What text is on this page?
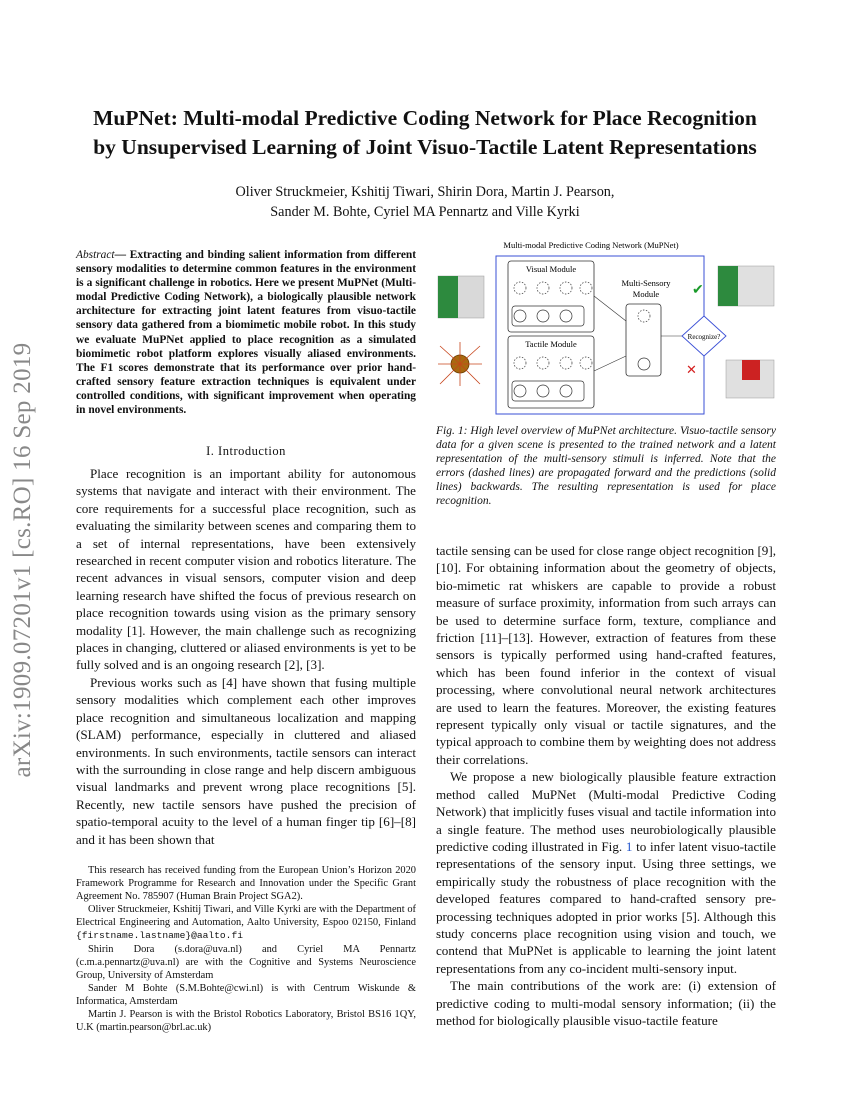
MuPNet: Multi-modal Predictive Coding Network for Place Recognition
by Unsupervised Learning of Joint Visuo-Tactile Latent Representations
Oliver Struckmeier, Kshitij Tiwari, Shirin Dora, Martin J. Pearson,
Sander M. Bohte, Cyriel MA Pennartz and Ville Kyrki
arXiv:1909.07201v1 [cs.RO] 16 Sep 2019
Abstract— Extracting and binding salient information from different sensory modalities to determine common features in the environment is a significant challenge in robotics. Here we present MuPNet (Multi-modal Predictive Coding Network), a biologically plausible network architecture for extracting joint latent features from visuo-tactile sensory data gathered from a biomimetic mobile robot. In this study we evaluate MuPNet applied to place recognition as a simulated biomimetic robot platform explores visually aliased environments. The F1 scores demonstrate that its performance over prior hand-crafted sensory feature extraction techniques is equivalent under controlled conditions, with significant improvement when operating in novel environments.
I. Introduction

Place recognition is an important ability for autonomous systems that navigate and interact with their environment. The core requirements for a successful place recognition, such as evaluating the similarity between scenes and comparing them to a set of internal representations, have been extensively researched in recent computer vision and robotics literature. The recent advances in visual sensors, computer vision and deep learning research have shifted the focus of previous research on place recognition towards using vision as the primary sensory modality [1]. However, the main challenge such as recognizing places in changing, cluttered or aliased environments is yet to be fully solved and is an ongoing research [2], [3].

Previous works such as [4] have shown that fusing multiple sensory modalities which complement each other improves place recognition and simultaneous localization and mapping (SLAM) performance, especially in cluttered and aliased environments. In such environments, tactile sensors can interact with the surrounding in close range and help discern ambiguous visual landmarks and prevent wrong place recognitions [5]. Recently, new tactile sensors have pushed the precision of spatio-temporal acuity to the level of a human finger tip [6]–[8] and it has been shown that

This research has received funding from the European Union’s Horizon 2020 Framework Programme for Research and Innovation under the Specific Grant Agreement No. 785907 (Human Brain Project SGA2).

Oliver Struckmeier, Kshitij Tiwari, and Ville Kyrki are with the Department of Electrical Engineering and Automation, Aalto University, Espoo 02150, Finland {firstname.lastname}@aalto.fi

Shirin Dora (s.dora@uva.nl) and Cyriel MA Pennartz (c.m.a.pennartz@uva.nl) are with the Cognitive and Systems Neuroscience Group, University of Amsterdam

Sander M Bohte (S.M.Bohte@cwi.nl) is with Centrum Wiskunde & Informatica, Amsterdam

Martin J. Pearson is with the Bristol Robotics Laboratory, Bristol BS16 1QY, U.K (martin.pearson@brl.ac.uk)

Multi-modal Predictive Coding Network (MuPNet)
Visual Module
Tactile Module
Multi-Sensory
Module
Recognize?
✔
✕
Fig. 1: High level overview of MuPNet architecture. Visuo-tactile sensory data for a given scene is presented to the trained network and a latent representation of the multi-sensory stimuli is inferred. Note that the errors (dashed lines) are propagated forward and the predictions (solid lines) backwards. The resulting representation is used for place recognition.

tactile sensing can be used for close range object recognition [9], [10]. For obtaining information about the geometry of objects, bio-mimetic rat whiskers are capable to provide a robust measure of surface proximity, information from such arrays can be used to determine surface form, texture, compliance and friction [11]–[13]. However, extraction of features from these sensors is typically performed using hand-crafted features, which has been found inferior in the context of visual processing, where convolutional neural network architectures are used to learn the features. Moreover, the existing features represent typically only visual or tactile signatures, and the typical approach to combine them by weighting does not address their correlations.

We propose a new biologically plausible feature extraction method called MuPNet (Multi-modal Predictive Coding Network) that implicitly fuses visual and tactile information into a single feature. The method uses neurobiologically plausible predictive coding illustrated in Fig. 1 to infer latent visuo-tactile representations of the sensory input. Using three settings, we empirically study the robustness of place recognition with the developed features compared to hand-crafted sensory pre-processing techniques adopted in prior works [5]. Although this study concerns place recognition using vision and touch, we contend that MuPNet is applicable to learning the joint latent representations from any co-incident multi-sensory input.

The main contributions of the work are: (i) extension of predictive coding to multi-modal sensory information; (ii) the method for biologically plausible visuo-tactile feature
